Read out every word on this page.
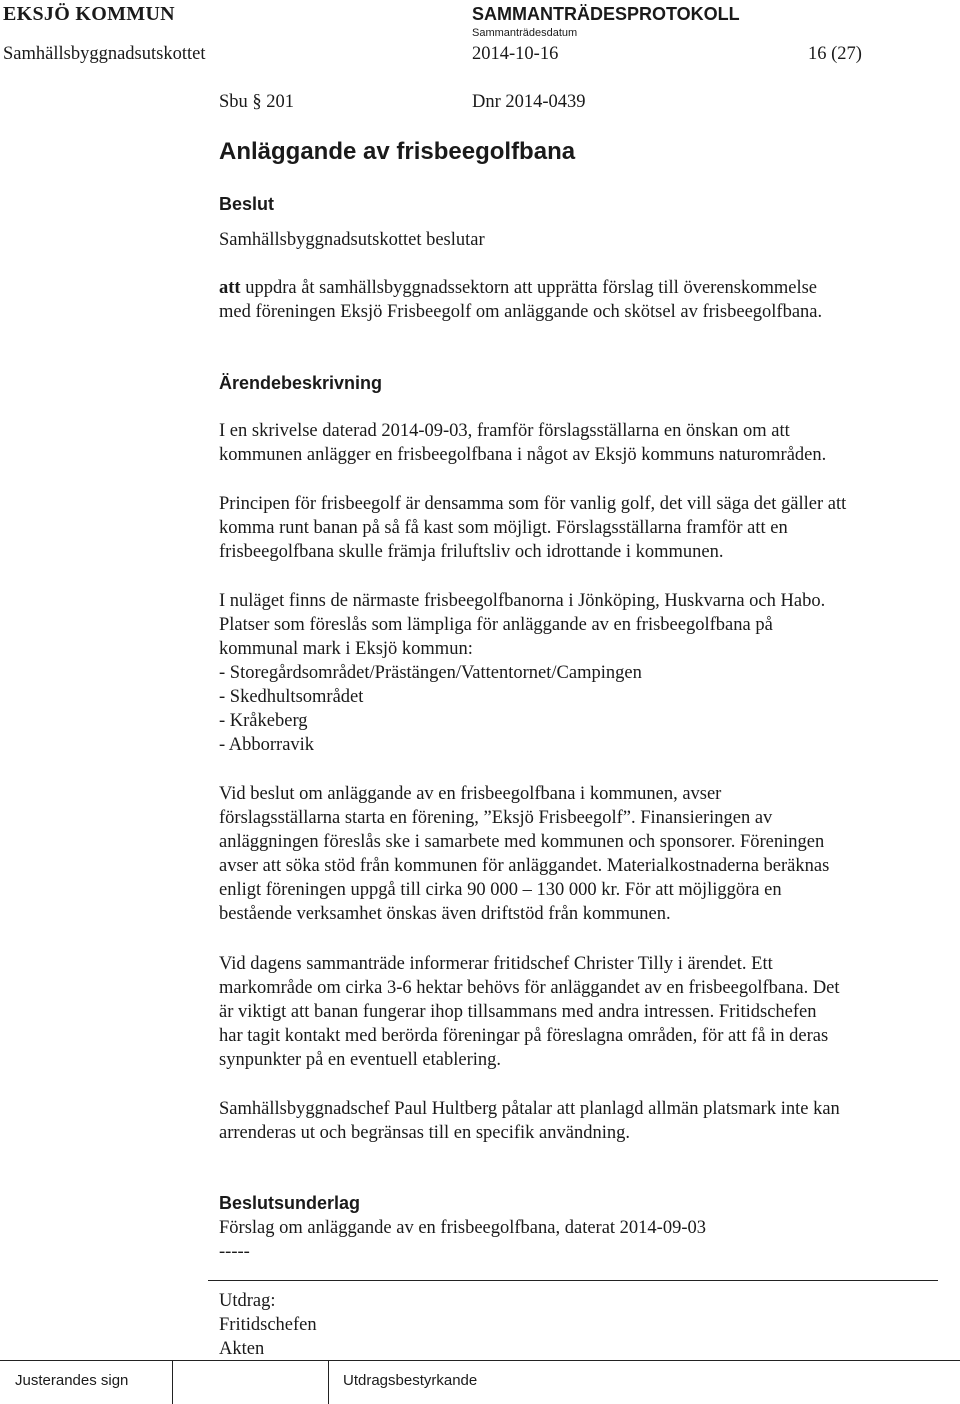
EKSJÖ KOMMUN	SAMMANTRÄDESPROTOKOLL
Sammanträdesdatum
Samhällsbyggnadsutskottet	2014-10-16	16 (27)
Sbu § 201	Dnr 2014-0439
Anläggande av frisbeegolfbana
Beslut
Samhällsbyggnadsutskottet beslutar

att uppdra åt samhällsbyggnadssektorn att upprätta förslag till överenskommelse
med föreningen Eksjö Frisbeegolf om anläggande och skötsel av frisbeegolfbana.

Ärendebeskrivning

I en skrivelse daterad 2014-09-03, framför förslagsställarna en önskan om att
kommunen anlägger en frisbeegolfbana i något av Eksjö kommuns naturområden.

Principen för frisbeegolf är densamma som för vanlig golf, det vill säga det gäller att
komma runt banan på så få kast som möjligt. Förslagsställarna framför att en
frisbeegolfbana skulle främja friluftsliv och idrottande i kommunen.

I nuläget finns de närmaste frisbeegolfbanorna i Jönköping, Huskvarna och Habo.
Platser som föreslås som lämpliga för anläggande av en frisbeegolfbana på
kommunal mark i Eksjö kommun:
- Storegårdsområdet/Prästängen/Vattentornet/Campingen
- Skedhultsområdet
- Kråkeberg
- Abborravik

Vid beslut om anläggande av en frisbeegolfbana i kommunen, avser
förslagsställarna starta en förening, ”Eksjö Frisbeegolf”. Finansieringen av
anläggningen föreslås ske i samarbete med kommunen och sponsorer. Föreningen
avser att söka stöd från kommunen för anläggandet. Materialkostnaderna beräknas
enligt föreningen uppgå till cirka 90 000 – 130 000 kr. För att möjliggöra en
bestående verksamhet önskas även driftstöd från kommunen.

Vid dagens sammanträde informerar fritidschef Christer Tilly i ärendet. Ett
markområde om cirka 3-6 hektar behövs för anläggandet av en frisbeegolfbana. Det
är viktigt att banan fungerar ihop tillsammans med andra intressen. Fritidschefen
har tagit kontakt med berörda föreningar på föreslagna områden, för att få in deras
synpunkter på en eventuell etablering.

Samhällsbyggnadschef Paul Hultberg påtalar att planlagd allmän platsmark inte kan
arrenderas ut och begränsas till en specifik användning.

Beslutsunderlag
Förslag om anläggande av en frisbeegolfbana, daterat 2014-09-03
-----

Utdrag:
Fritidschefen
Akten

Justerandes sign	Utdragsbestyrkande
